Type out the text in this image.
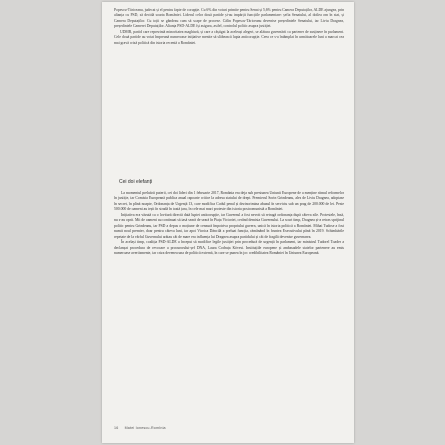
Popescu-Tăriceanu, judecat și el pentru fapte de corupție. Cu 6% din voturi primite pentru Senat și 5,6% pentru Camera Deputaților, ALDE ajungea, prin alianța cu PSD, să decidă soarta României. Liderul celor două partide și-au impărțit funcțiile parlamentare: șefia Senatului, al doilea om în stat, și Camera Deputaților. Cu toții se gândeau cum să scape de procese. Călin Popescu-Tăriceanu devenise președintele Senatului, iar Liviu Dragnea, președintele Camerei Deputaților. Alianța PSD-ALDE își asigura, astfel, controlul politic asupra justiției.

UDMR, partid care reprezintă minoritatea maghiară, și care a câștigat la aceleași alegeri, se alătura guvernării ca partener de susținere în parlament. Cele două partide au votat împreună numeroase inițiative menite să slăbească lupta anticorupție. Ceea ce s-a întâmplat în următoarele luni a marcat cea mai gravă criză politică din istoria recentă a României.

Cei doi elefanți

La momentul preluării puterii, cei doi lideri din 1 februarie 2017, România era deja sub presiunea Uniunii Europene de a menține ritmul reformelor în justiție, iar Comisia Europeană publica anual rapoarte critice la adresa statului de drept. Premierul Sorin Grindeanu, ales de Liviu Dragnea, adoptase în secret, în plină noapte, Ordonanța de Urgență 13, care modifica Codul penal și dezincrimina abuzul în serviciu sub un prag de 200.000 de lei. Peste 500.000 de oameni au ieșit în stradă în toată țara, în cele mai mari proteste din istoria postcomunistă a României.

Inițiativa era văzută ca o lovitură directă dată luptei anticorupție, iar Guvernul a fost nevoit să retragă ordonanța după câteva zile. Protestele, însă, nu s-au oprit. Mii de oameni au continuat să iasă seară de seară în Piața Victoriei, cerând demisia Guvernului. La scurt timp, Dragnea și-a retras sprijinul politic pentru Grindeanu, iar PSD a depus o moțiune de cenzură împotriva propriului guvern, unică în istoria politică a României. Mihai Tudose a fost numit noul premier, doar pentru câteva luni, iar apoi Viorica Dăncilă a preluat funcția, rămânând în fruntea Executivului până în 2019. Schimbările repetate de la vârful Guvernului arătau cât de mare era influența lui Dragnea asupra partidului și cât de fragilă devenise guvernarea.

În același timp, coaliția PSD-ALDE a început să modifice legile justiției prin procedură de urgență în parlament, iar ministrul Tudorel Toader a declanșat procedura de revocare a procurorului-șef DNA, Laura Codruța Kövesi. Instituțiile europene și ambasadele statelor partenere au emis numeroase avertismente, iar criza devenea una de politică externă, în care se punea în joc credibilitatea României în Uniunea Europeană.

16 Matei Ionescu-Romînia
